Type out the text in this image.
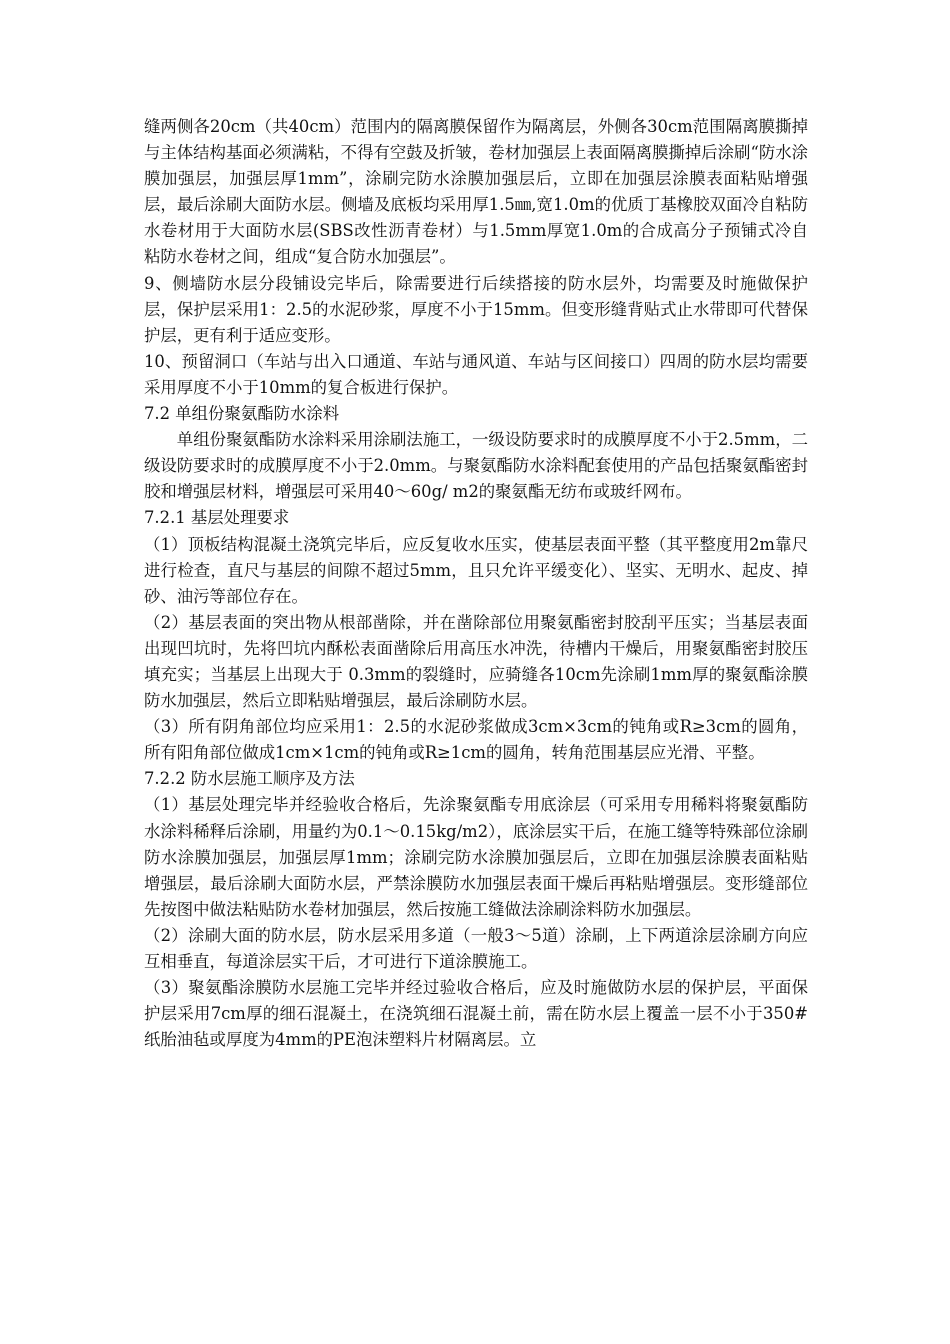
缝两侧各20cm（共40cm）范围内的隔离膜保留作为隔离层，外侧各30cm范围隔离膜撕掉与主体结构基面必须满粘，不得有空鼓及折皱，卷材加强层上表面隔离膜撕掉后涂刷“防水涂膜加强层，加强层厚1mm”，涂刷完防水涂膜加强层后，立即在加强层涂膜表面粘贴增强层，最后涂刷大面防水层。侧墙及底板均采用厚1.5㎜,宽1.0m的优质丁基橡胶双面冷自粘防水卷材用于大面防水层(SBS改性沥青卷材）与1.5mm厚宽1.0m的合成高分子预铺式冷自粘防水卷材之间，组成“复合防水加强层”。

9、侧墙防水层分段铺设完毕后，除需要进行后续搭接的防水层外，均需要及时施做保护层，保护层采用1：2.5的水泥砂浆，厚度不小于15mm。但变形缝背贴式止水带即可代替保护层，更有利于适应变形。

10、预留洞口（车站与出入口通道、车站与通风道、车站与区间接口）四周的防水层均需要采用厚度不小于10mm的复合板进行保护。

7.2 单组份聚氨酯防水涂料

单组份聚氨酯防水涂料采用涂刷法施工，一级设防要求时的成膜厚度不小于2.5mm，二级设防要求时的成膜厚度不小于2.0mm。与聚氨酯防水涂料配套使用的产品包括聚氨酯密封胶和增强层材料，增强层可采用40～60g/ m2的聚氨酯无纺布或玻纤网布。

7.2.1 基层处理要求

（1）顶板结构混凝土浇筑完毕后，应反复收水压实，使基层表面平整（其平整度用2m靠尺进行检查，直尺与基层的间隙不超过5mm，且只允许平缓变化）、坚实、无明水、起皮、掉砂、油污等部位存在。

（2）基层表面的突出物从根部凿除，并在凿除部位用聚氨酯密封胶刮平压实；当基层表面出现凹坑时，先将凹坑内酥松表面凿除后用高压水冲洗，待槽内干燥后，用聚氨酯密封胶压填充实；当基层上出现大于 0.3mm的裂缝时，应骑缝各10cm先涂刷1mm厚的聚氨酯涂膜防水加强层，然后立即粘贴增强层，最后涂刷防水层。

（3）所有阴角部位均应采用1：2.5的水泥砂浆做成3cm×3cm的钝角或R≥3cm的圆角，所有阳角部位做成1cm×1cm的钝角或R≥1cm的圆角，转角范围基层应光滑、平整。

7.2.2 防水层施工顺序及方法

（1）基层处理完毕并经验收合格后，先涂聚氨酯专用底涂层（可采用专用稀料将聚氨酯防水涂料稀释后涂刷，用量约为0.1～0.15kg/m2），底涂层实干后，在施工缝等特殊部位涂刷防水涂膜加强层，加强层厚1mm；涂刷完防水涂膜加强层后，立即在加强层涂膜表面粘贴增强层，最后涂刷大面防水层，严禁涂膜防水加强层表面干燥后再粘贴增强层。变形缝部位先按图中做法粘贴防水卷材加强层，然后按施工缝做法涂刷涂料防水加强层。

（2）涂刷大面的防水层，防水层采用多道（一般3～5道）涂刷，上下两道涂层涂刷方向应互相垂直，每道涂层实干后，才可进行下道涂膜施工。

（3）聚氨酯涂膜防水层施工完毕并经过验收合格后，应及时施做防水层的保护层，平面保护层采用7cm厚的细石混凝土，在浇筑细石混凝土前，需在防水层上覆盖一层不小于350#纸胎油毡或厚度为4mm的PE泡沫塑料片材隔离层。立
